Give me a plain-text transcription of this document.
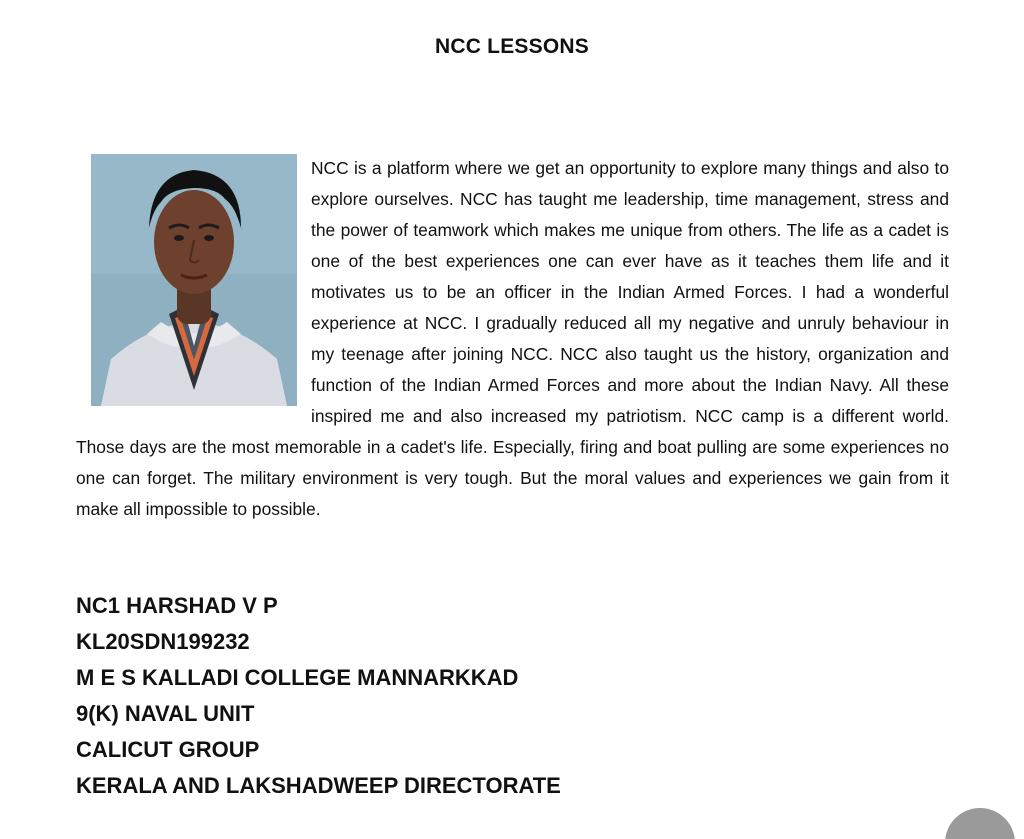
NCC LESSONS

NCC is a platform where we get an opportunity to explore many things and also to explore ourselves. NCC has taught me leadership, time management, stress and the power of teamwork which makes me unique from others. The life as a cadet is one of the best experiences one can ever have as it teaches them life and it motivates us to be an officer in the Indian Armed Forces. I had a wonderful experience at NCC. I gradually reduced all my negative and unruly behaviour in my teenage after joining NCC. NCC also taught us the history, organization and function of the Indian Armed Forces and more about the Indian Navy. All these inspired me and also increased my patriotism. NCC camp is a different world. Those days are the most memorable in a cadet's life. Especially, firing and boat pulling are some experiences no one can forget. The military environment is very tough. But the moral values and experiences we gain from it make all impossible to possible.

NC1 HARSHAD V P
KL20SDN199232
M E S KALLADI COLLEGE MANNARKKAD
9(K) NAVAL UNIT
CALICUT GROUP
KERALA AND LAKSHADWEEP DIRECTORATE
